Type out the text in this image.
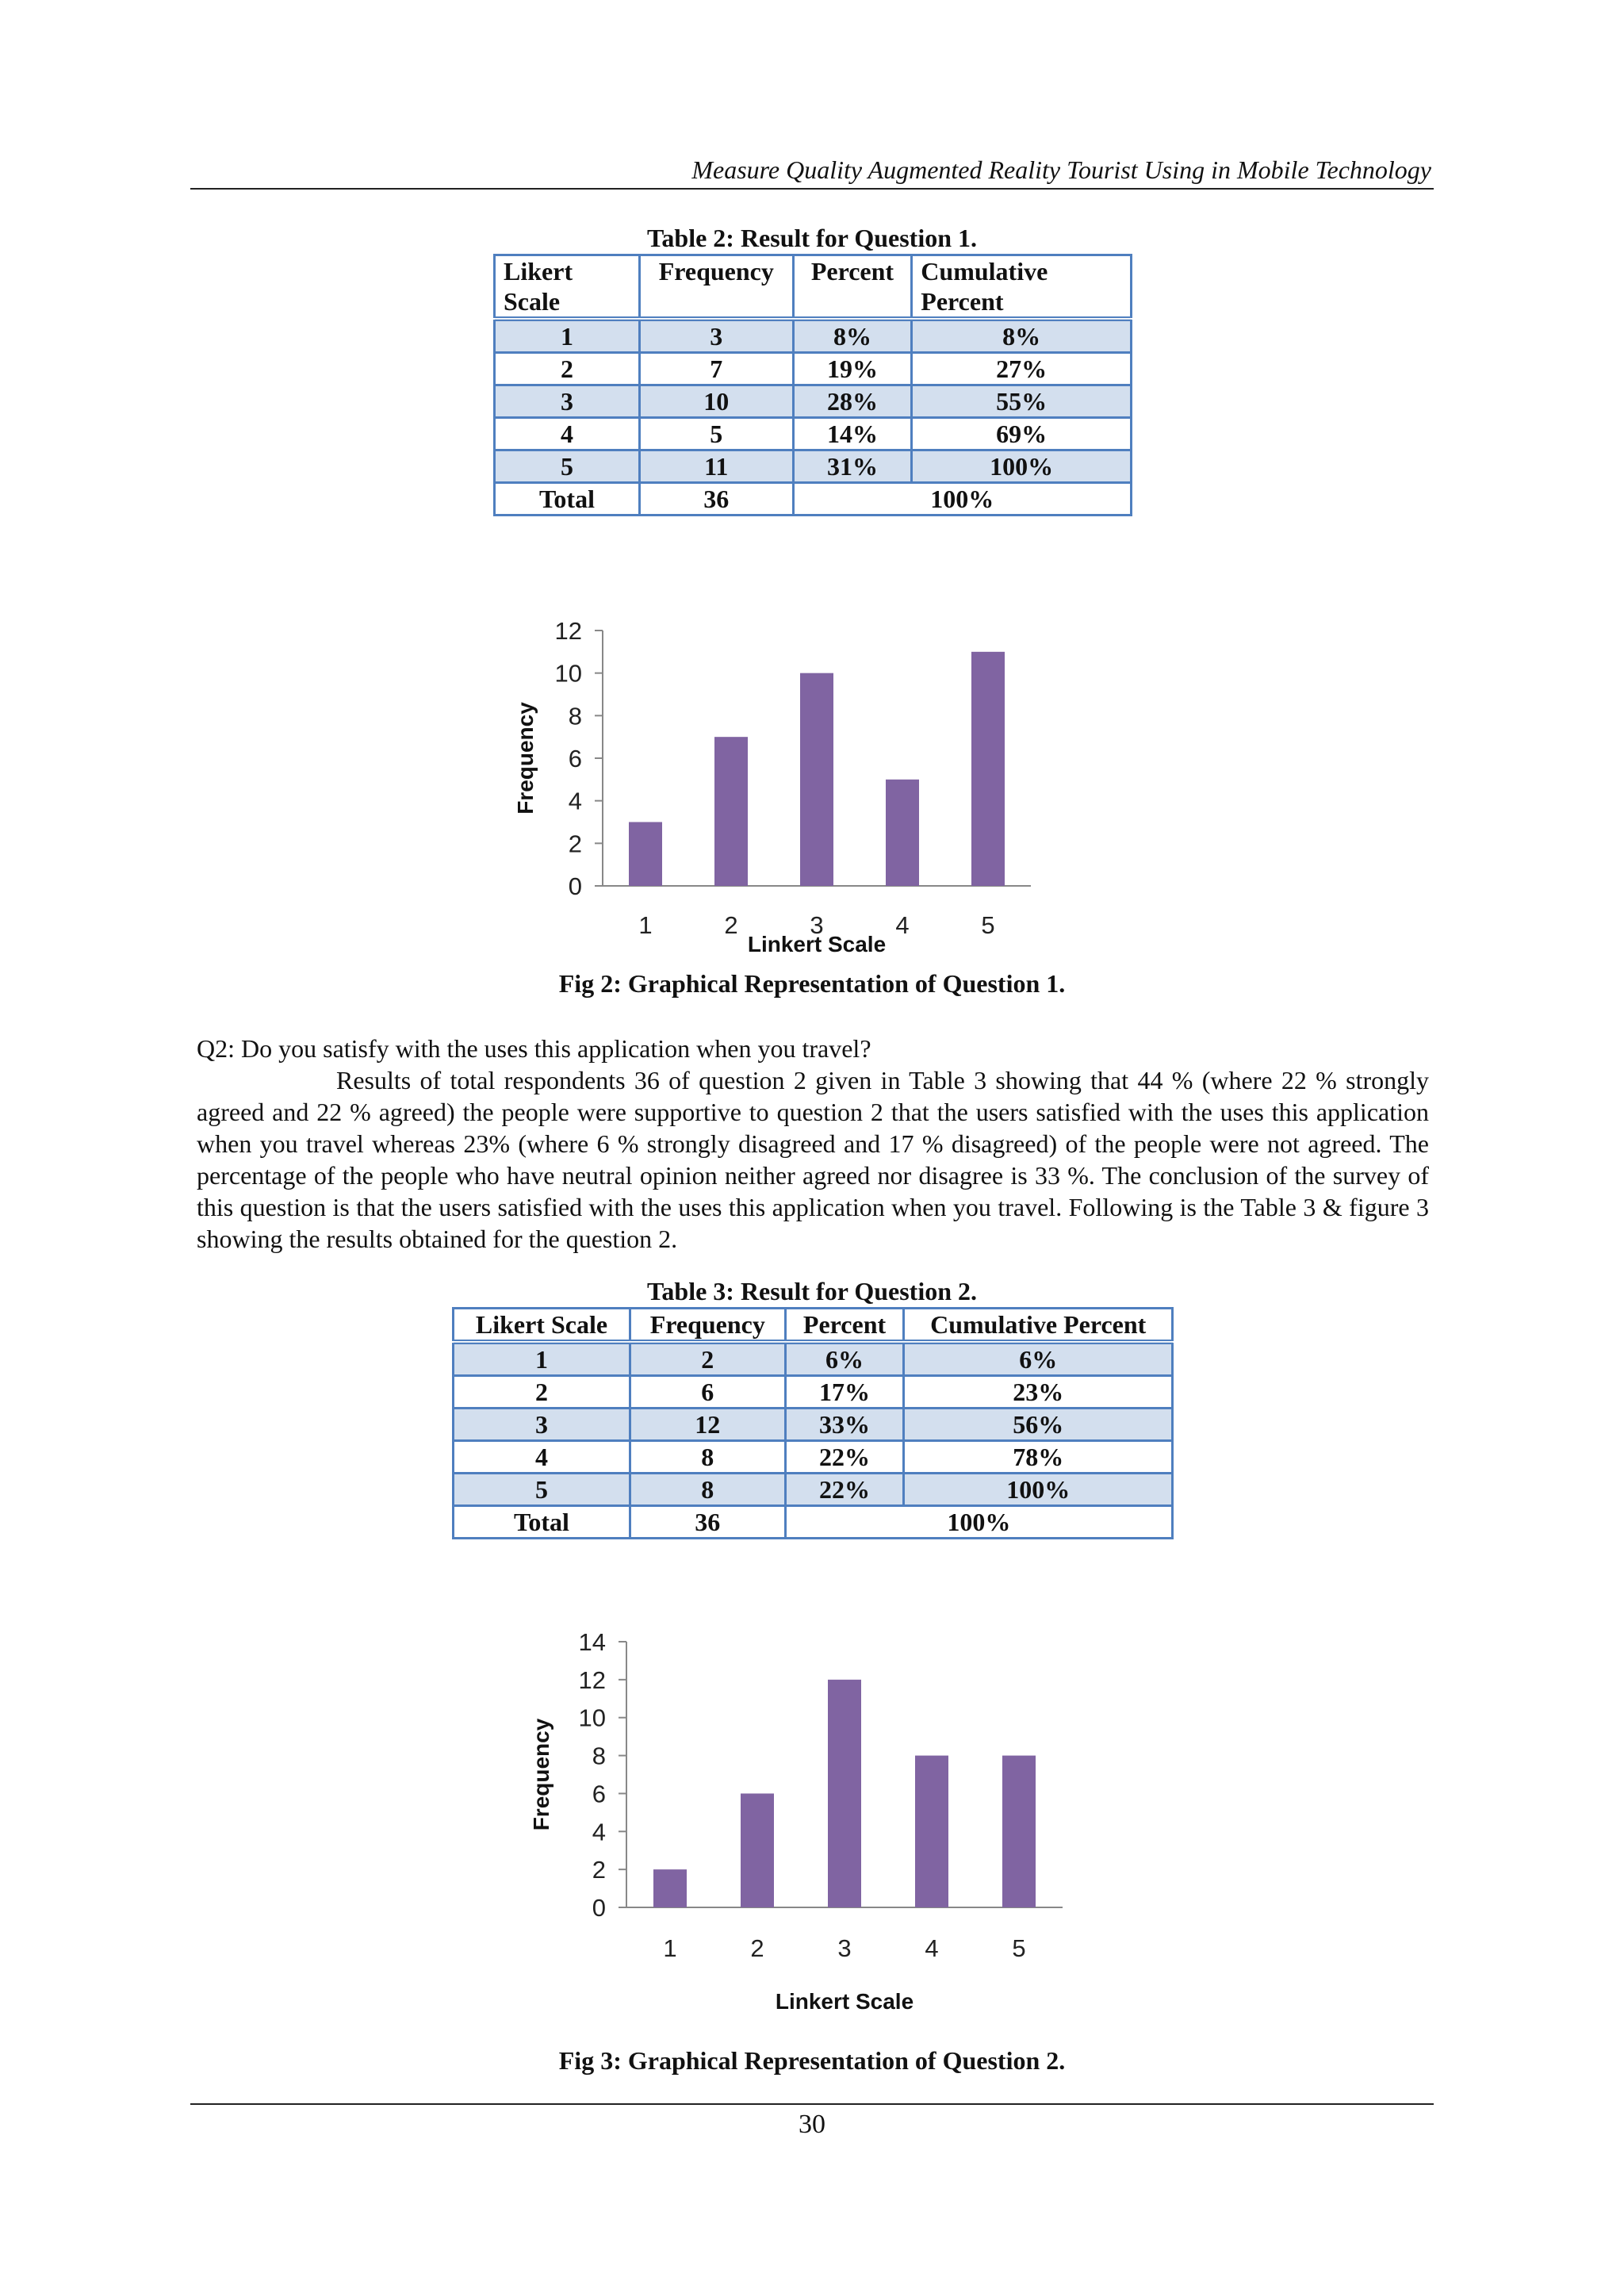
Measure Quality Augmented Reality Tourist Using in Mobile Technology
Table 2: Result for Question 1.
Likert Scale	Frequency	Percent	Cumulative Percent
1	3	8%	8%
2	7	19%	27%
3	10	28%	55%
4	5	14%	69%
5	11	31%	100%
Total	36	100%	
0
2
4
6
8
10
12
1	2	3	4	5
Linkert Scale
Frequency
Fig 2: Graphical Representation of Question 1.

Q2: Do you satisfy with the uses this application when you travel?

Results of total respondents 36 of question 2 given in Table 3 showing that 44 % (where 22 % strongly agreed and 22 % agreed) the people were supportive to question 2 that the users satisfied with the uses this application when you travel whereas 23% (where 6 % strongly disagreed and 17 % disagreed) of the people were not agreed. The percentage of the people who have neutral opinion neither agreed nor disagree is 33 %. The conclusion of the survey of this question is that the users satisfied with the uses this application when you travel. Following is the Table 3 & figure 3 showing the results obtained for the question 2.

Table 3: Result for Question 2.
Likert Scale	Frequency	Percent	Cumulative Percent
1	2	6%	6%
2	6	17%	23%
3	12	33%	56%
4	8	22%	78%
5	8	22%	100%
Total	36	100%	
0
2
4
6
8
10
12
14
1	2	3	4	5
Linkert Scale
Frequency
Fig 3: Graphical Representation of Question 2.
30
